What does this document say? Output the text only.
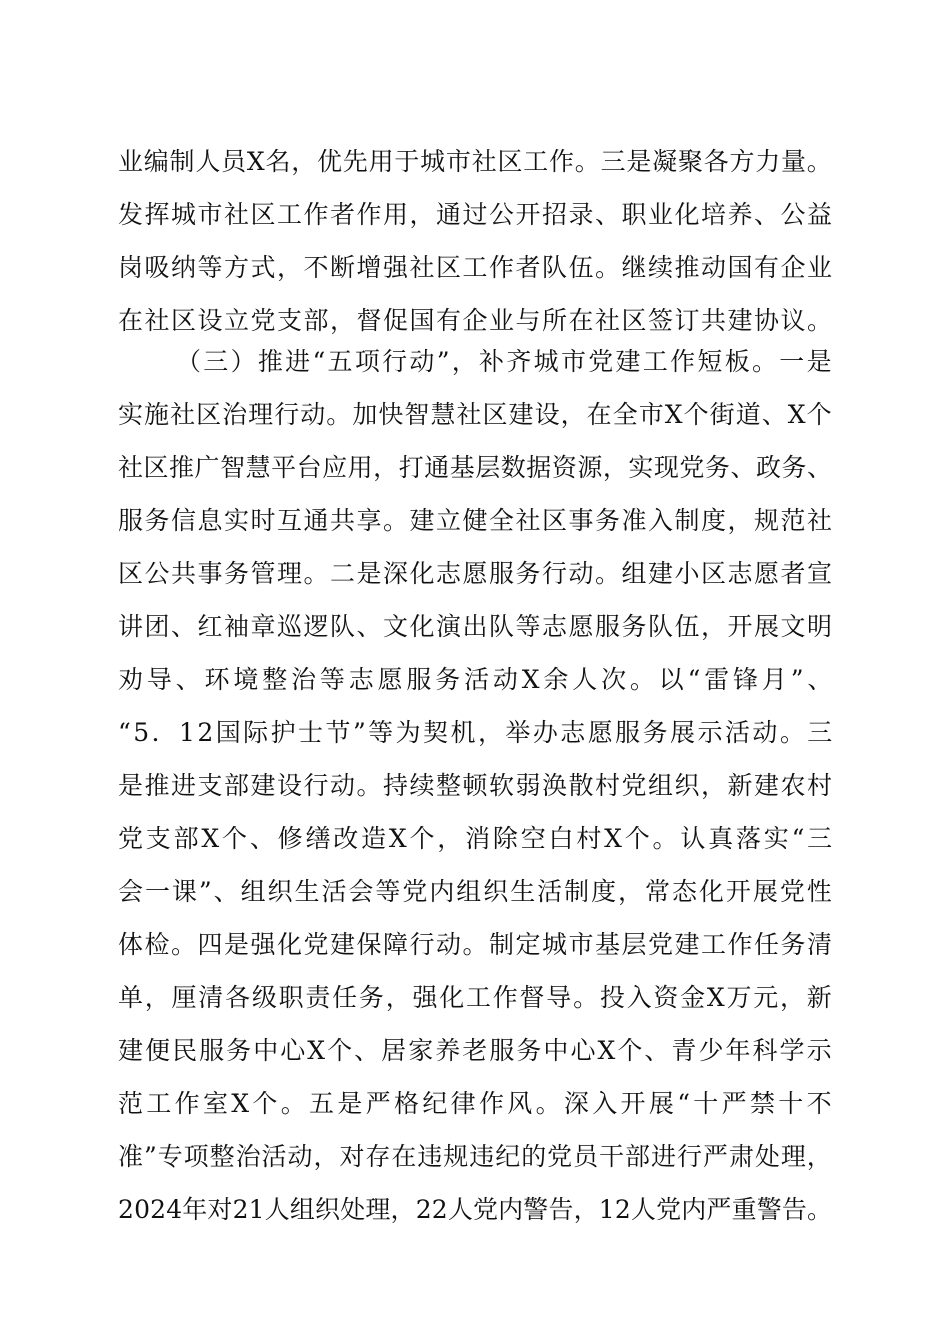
业编制人员X名，优先用于城市社区工作。三是凝聚各方力量。
发挥城市社区工作者作用，通过公开招录、职业化培养、公益
岗吸纳等方式，不断增强社区工作者队伍。继续推动国有企业
在社区设立党支部，督促国有企业与所在社区签订共建协议。
（三）推进“五项行动”，补齐城市党建工作短板。一是
实施社区治理行动。加快智慧社区建设，在全市X个街道、X个
社区推广智慧平台应用，打通基层数据资源，实现党务、政务、
服务信息实时互通共享。建立健全社区事务准入制度，规范社
区公共事务管理。二是深化志愿服务行动。组建小区志愿者宣
讲团、红袖章巡逻队、文化演出队等志愿服务队伍，开展文明
劝导、环境整治等志愿服务活动X余人次。以“雷锋月”、
“5．12国际护士节”等为契机，举办志愿服务展示活动。三
是推进支部建设行动。持续整顿软弱涣散村党组织，新建农村
党支部X个、修缮改造X个，消除空白村X个。认真落实“三
会一课”、组织生活会等党内组织生活制度，常态化开展党性
体检。四是强化党建保障行动。制定城市基层党建工作任务清
单，厘清各级职责任务，强化工作督导。投入资金X万元，新
建便民服务中心X个、居家养老服务中心X个、青少年科学示
范工作室X个。五是严格纪律作风。深入开展“十严禁十不
准”专项整治活动，对存在违规违纪的党员干部进行严肃处理，
2024年对21人组织处理，22人党内警告，12人党内严重警告。
